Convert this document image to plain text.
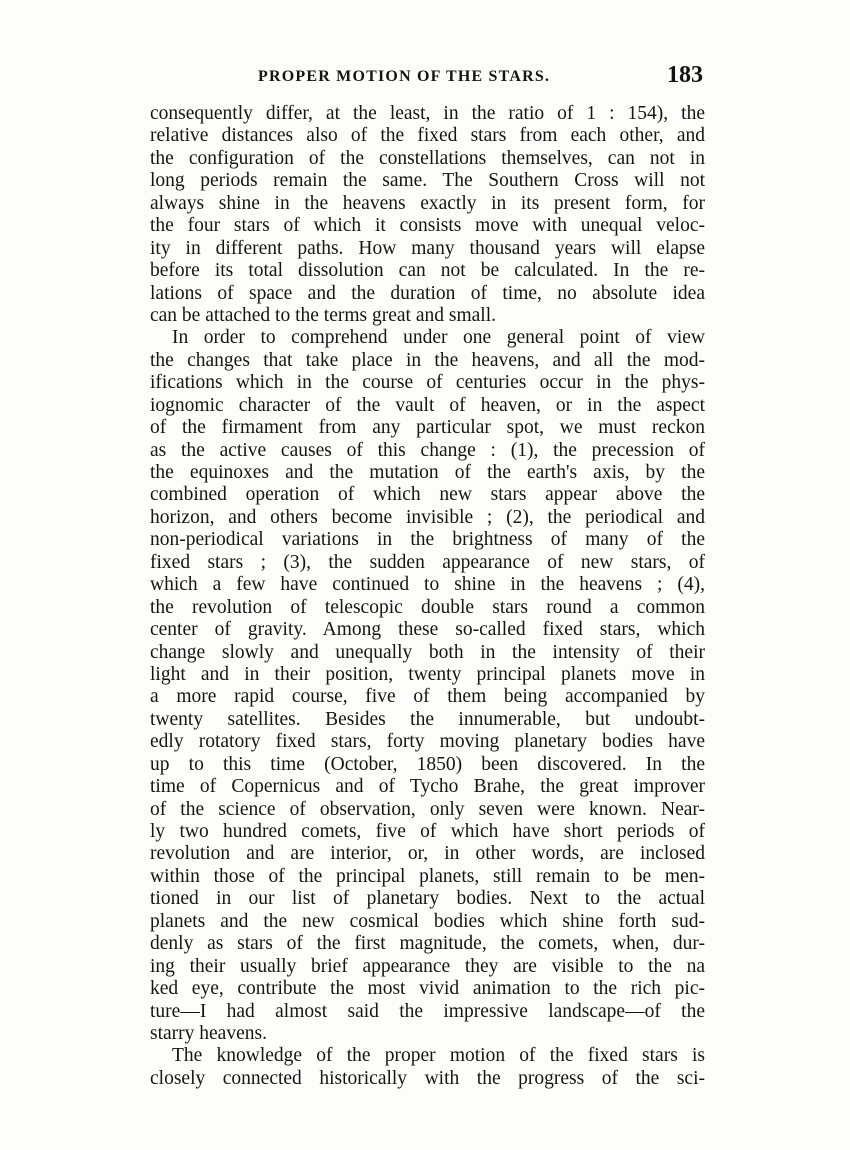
PROPER MOTION OF THE STARS.	183
consequently differ, at the least, in the ratio of 1 : 154), the
relative distances also of the fixed stars from each other, and
the configuration of the constellations themselves, can not in
long periods remain the same. The Southern Cross will not
always shine in the heavens exactly in its present form, for
the four stars of which it consists move with unequal veloc-
ity in different paths. How many thousand years will elapse
before its total dissolution can not be calculated. In the re-
lations of space and the duration of time, no absolute idea
can be attached to the terms great and small.
In order to comprehend under one general point of view
the changes that take place in the heavens, and all the mod-
ifications which in the course of centuries occur in the phys-
iognomic character of the vault of heaven, or in the aspect
of the firmament from any particular spot, we must reckon
as the active causes of this change : (1), the precession of
the equinoxes and the mutation of the earth's axis, by the
combined operation of which new stars appear above the
horizon, and others become invisible ; (2), the periodical and
non-periodical variations in the brightness of many of the
fixed stars ; (3), the sudden appearance of new stars, of
which a few have continued to shine in the heavens ; (4),
the revolution of telescopic double stars round a common
center of gravity. Among these so-called fixed stars, which
change slowly and unequally both in the intensity of their
light and in their position, twenty principal planets move in
a more rapid course, five of them being accompanied by
twenty satellites. Besides the innumerable, but undoubt-
edly rotatory fixed stars, forty moving planetary bodies have
up to this time (October, 1850) been discovered. In the
time of Copernicus and of Tycho Brahe, the great improver
of the science of observation, only seven were known. Near-
ly two hundred comets, five of which have short periods of
revolution and are interior, or, in other words, are inclosed
within those of the principal planets, still remain to be men-
tioned in our list of planetary bodies. Next to the actual
planets and the new cosmical bodies which shine forth sud-
denly as stars of the first magnitude, the comets, when, dur-
ing their usually brief appearance they are visible to the na
ked eye, contribute the most vivid animation to the rich pic-
ture—I had almost said the impressive landscape—of the
starry heavens.
The knowledge of the proper motion of the fixed stars is
closely connected historically with the progress of the sci-
